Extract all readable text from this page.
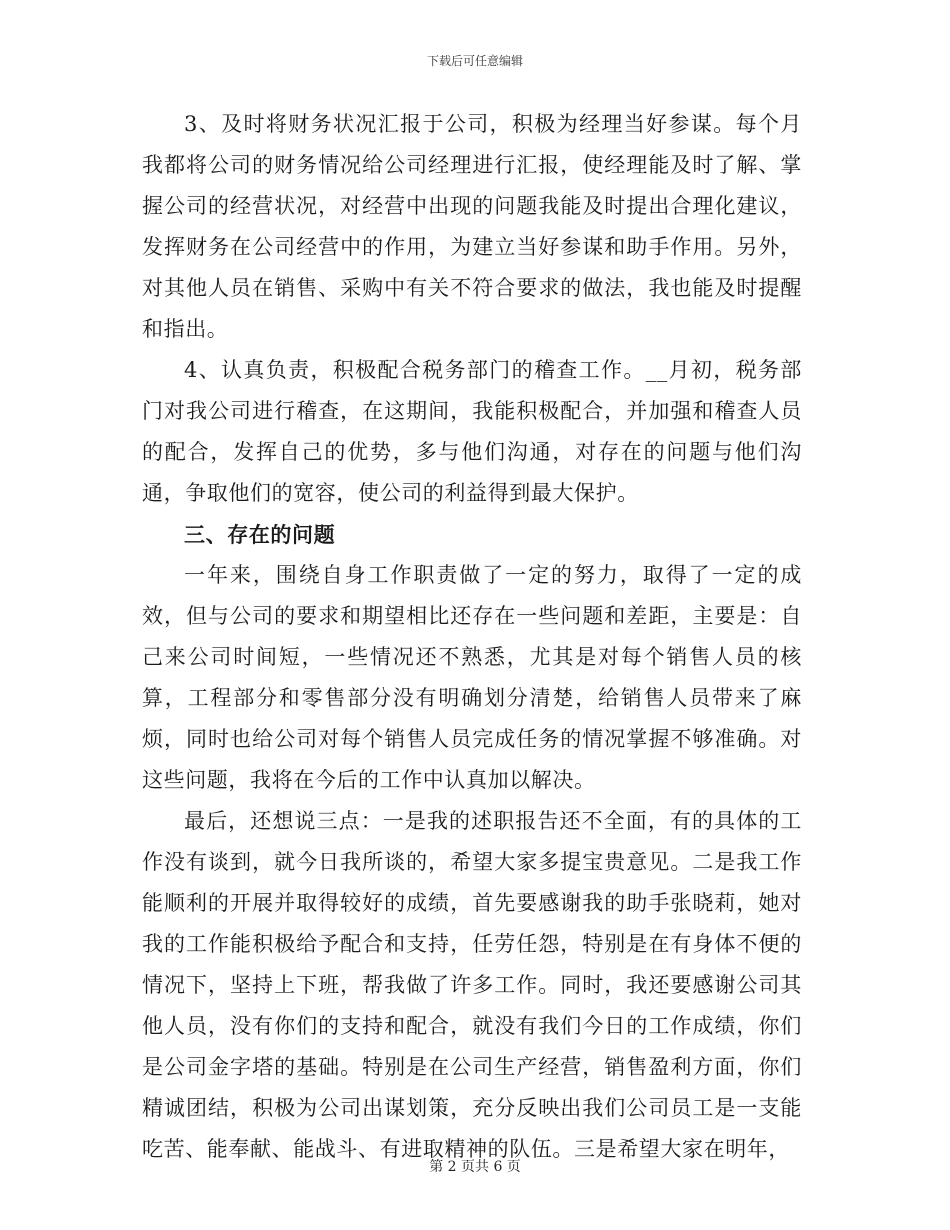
下载后可任意编辑

3、及时将财务状况汇报于公司，积极为经理当好参谋。每个月我都将公司的财务情况给公司经理进行汇报，使经理能及时了解、掌握公司的经营状况，对经营中出现的问题我能及时提出合理化建议，发挥财务在公司经营中的作用，为建立当好参谋和助手作用。另外，对其他人员在销售、采购中有关不符合要求的做法，我也能及时提醒和指出。

4、认真负责，积极配合税务部门的稽查工作。__月初，税务部门对我公司进行稽查，在这期间，我能积极配合，并加强和稽查人员的配合，发挥自己的优势，多与他们沟通，对存在的问题与他们沟通，争取他们的宽容，使公司的利益得到最大保护。

三、存在的问题

一年来，围绕自身工作职责做了一定的努力，取得了一定的成效，但与公司的要求和期望相比还存在一些问题和差距，主要是：自己来公司时间短，一些情况还不熟悉，尤其是对每个销售人员的核算，工程部分和零售部分没有明确划分清楚，给销售人员带来了麻烦，同时也给公司对每个销售人员完成任务的情况掌握不够准确。对这些问题，我将在今后的工作中认真加以解决。

最后，还想说三点：一是我的述职报告还不全面，有的具体的工作没有谈到，就今日我所谈的，希望大家多提宝贵意见。二是我工作能顺利的开展并取得较好的成绩，首先要感谢我的助手张晓莉，她对我的工作能积极给予配合和支持，任劳任怨，特别是在有身体不便的情况下，坚持上下班，帮我做了许多工作。同时，我还要感谢公司其他人员，没有你们的支持和配合，就没有我们今日的工作成绩，你们是公司金字塔的基础。特别是在公司生产经营，销售盈利方面，你们精诚团结，积极为公司出谋划策，充分反映出我们公司员工是一支能吃苦、能奉献、能战斗、有进取精神的队伍。三是希望大家在明年，

第 2 页共 6 页
